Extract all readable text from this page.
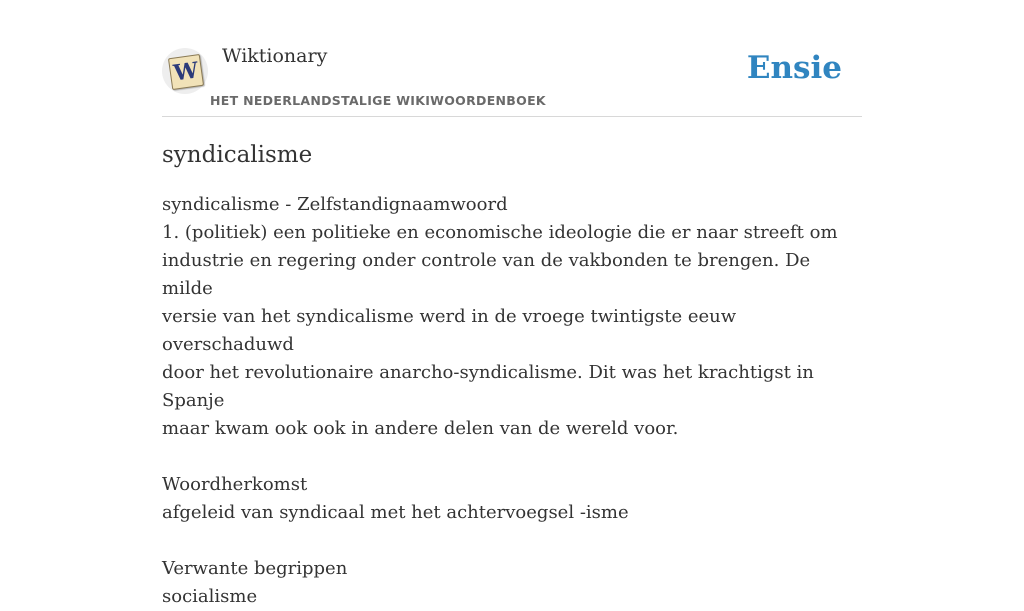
W
Wiktionary
HET NEDERLANDSTALIGE WIKIWOORDENBOEK
Ensie
syndicalisme
syndicalisme - Zelfstandignaamwoord
1. (politiek) een politieke en economische ideologie die er naar streeft om
industrie en regering onder controle van de vakbonden te brengen. De milde
versie van het syndicalisme werd in de vroege twintigste eeuw overschaduwd
door het revolutionaire anarcho-syndicalisme. Dit was het krachtigst in Spanje
maar kwam ook ook in andere delen van de wereld voor.
Woordherkomst
afgeleid van syndicaal met het achtervoegsel -isme
Verwante begrippen
socialisme
